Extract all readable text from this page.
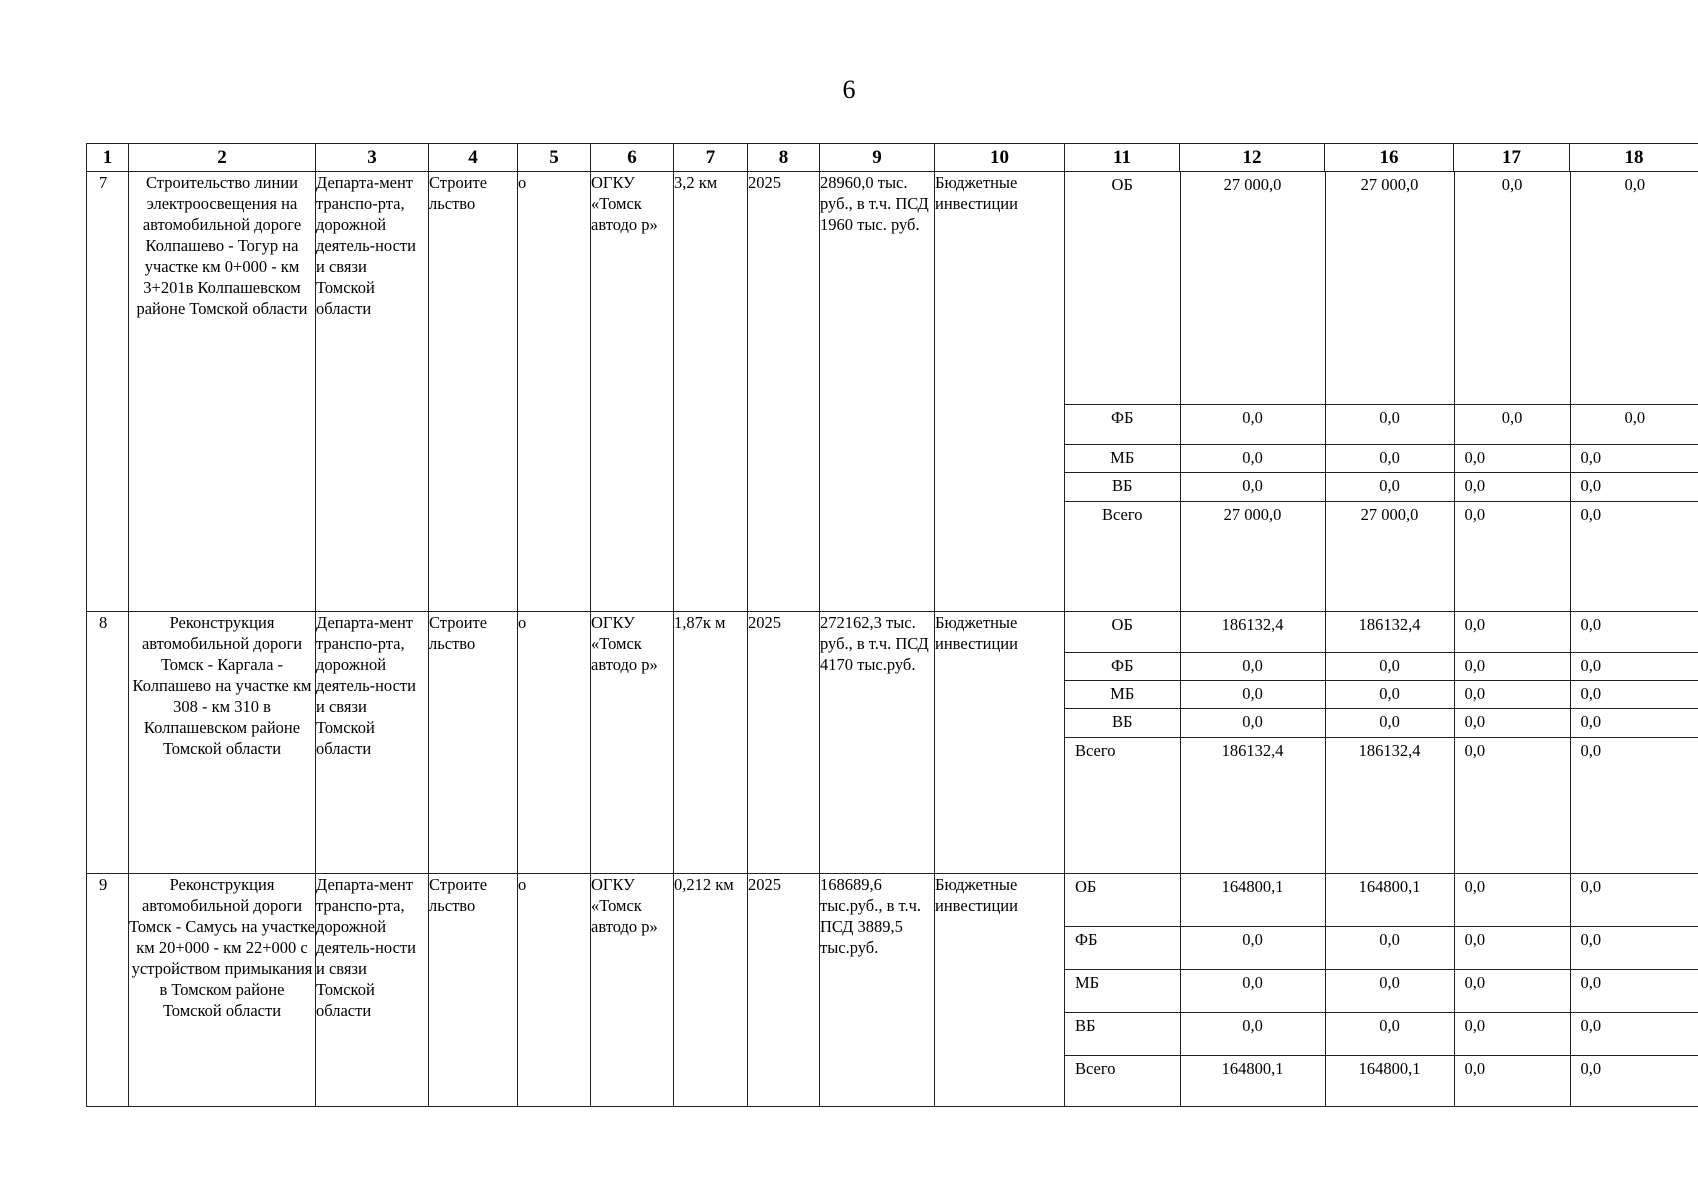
6
1	2	3	4	5	6	7	8	9	10	11	12	16	17	18
7	Строительство линии электроосвещения на автомобильной дороге Колпашево - Тогур на участке км 0+000 - км 3+201в Колпашевском районе Томской области	Департа-мент транспо-рта, дорожной деятель-ности и связи Томской области	Строите льство	о	ОГКУ «Томск автодо р»	3,2 км	2025	28960,0 тыс. руб., в т.ч. ПСД 1960 тыс. руб.	Бюджетные инвестиции	
ОБ	27 000,0	27 000,0	0,0	0,0
ФБ	0,0	0,0	0,0	0,0
МБ	0,0	0,0	0,0	0,0
ВБ	0,0	0,0	0,0	0,0
Всего	27 000,0	27 000,0	0,0	0,0

8	Реконструкция автомобильной дороги Томск - Каргала - Колпашево на участке км 308 - км 310 в Колпашевском районе Томской области	Департа-мент транспо-рта, дорожной деятель-ности и связи Томской области	Строите льство	о	ОГКУ «Томск автодо р»	1,87к м	2025	272162,3 тыс. руб., в т.ч. ПСД 4170 тыс.руб.	Бюджетные инвестиции	
ОБ	186132,4	186132,4	0,0	0,0
ФБ	0,0	0,0	0,0	0,0
МБ	0,0	0,0	0,0	0,0
ВБ	0,0	0,0	0,0	0,0
Всего	186132,4	186132,4	0,0	0,0

9	Реконструкция автомобильной дороги Томск - Самусь на участке км 20+000 - км 22+000 с устройством примыкания в Томском районе Томской области	Департа-мент транспо-рта, дорожной деятель-ности и связи Томской области	Строите льство	о	ОГКУ «Томск автодо р»	0,212 км	2025	168689,6 тыс.руб., в т.ч. ПСД 3889,5 тыс.руб.	Бюджетные инвестиции	
ОБ	164800,1	164800,1	0,0	0,0
ФБ	0,0	0,0	0,0	0,0
МБ	0,0	0,0	0,0	0,0
ВБ	0,0	0,0	0,0	0,0
Всего	164800,1	164800,1	0,0	0,0
